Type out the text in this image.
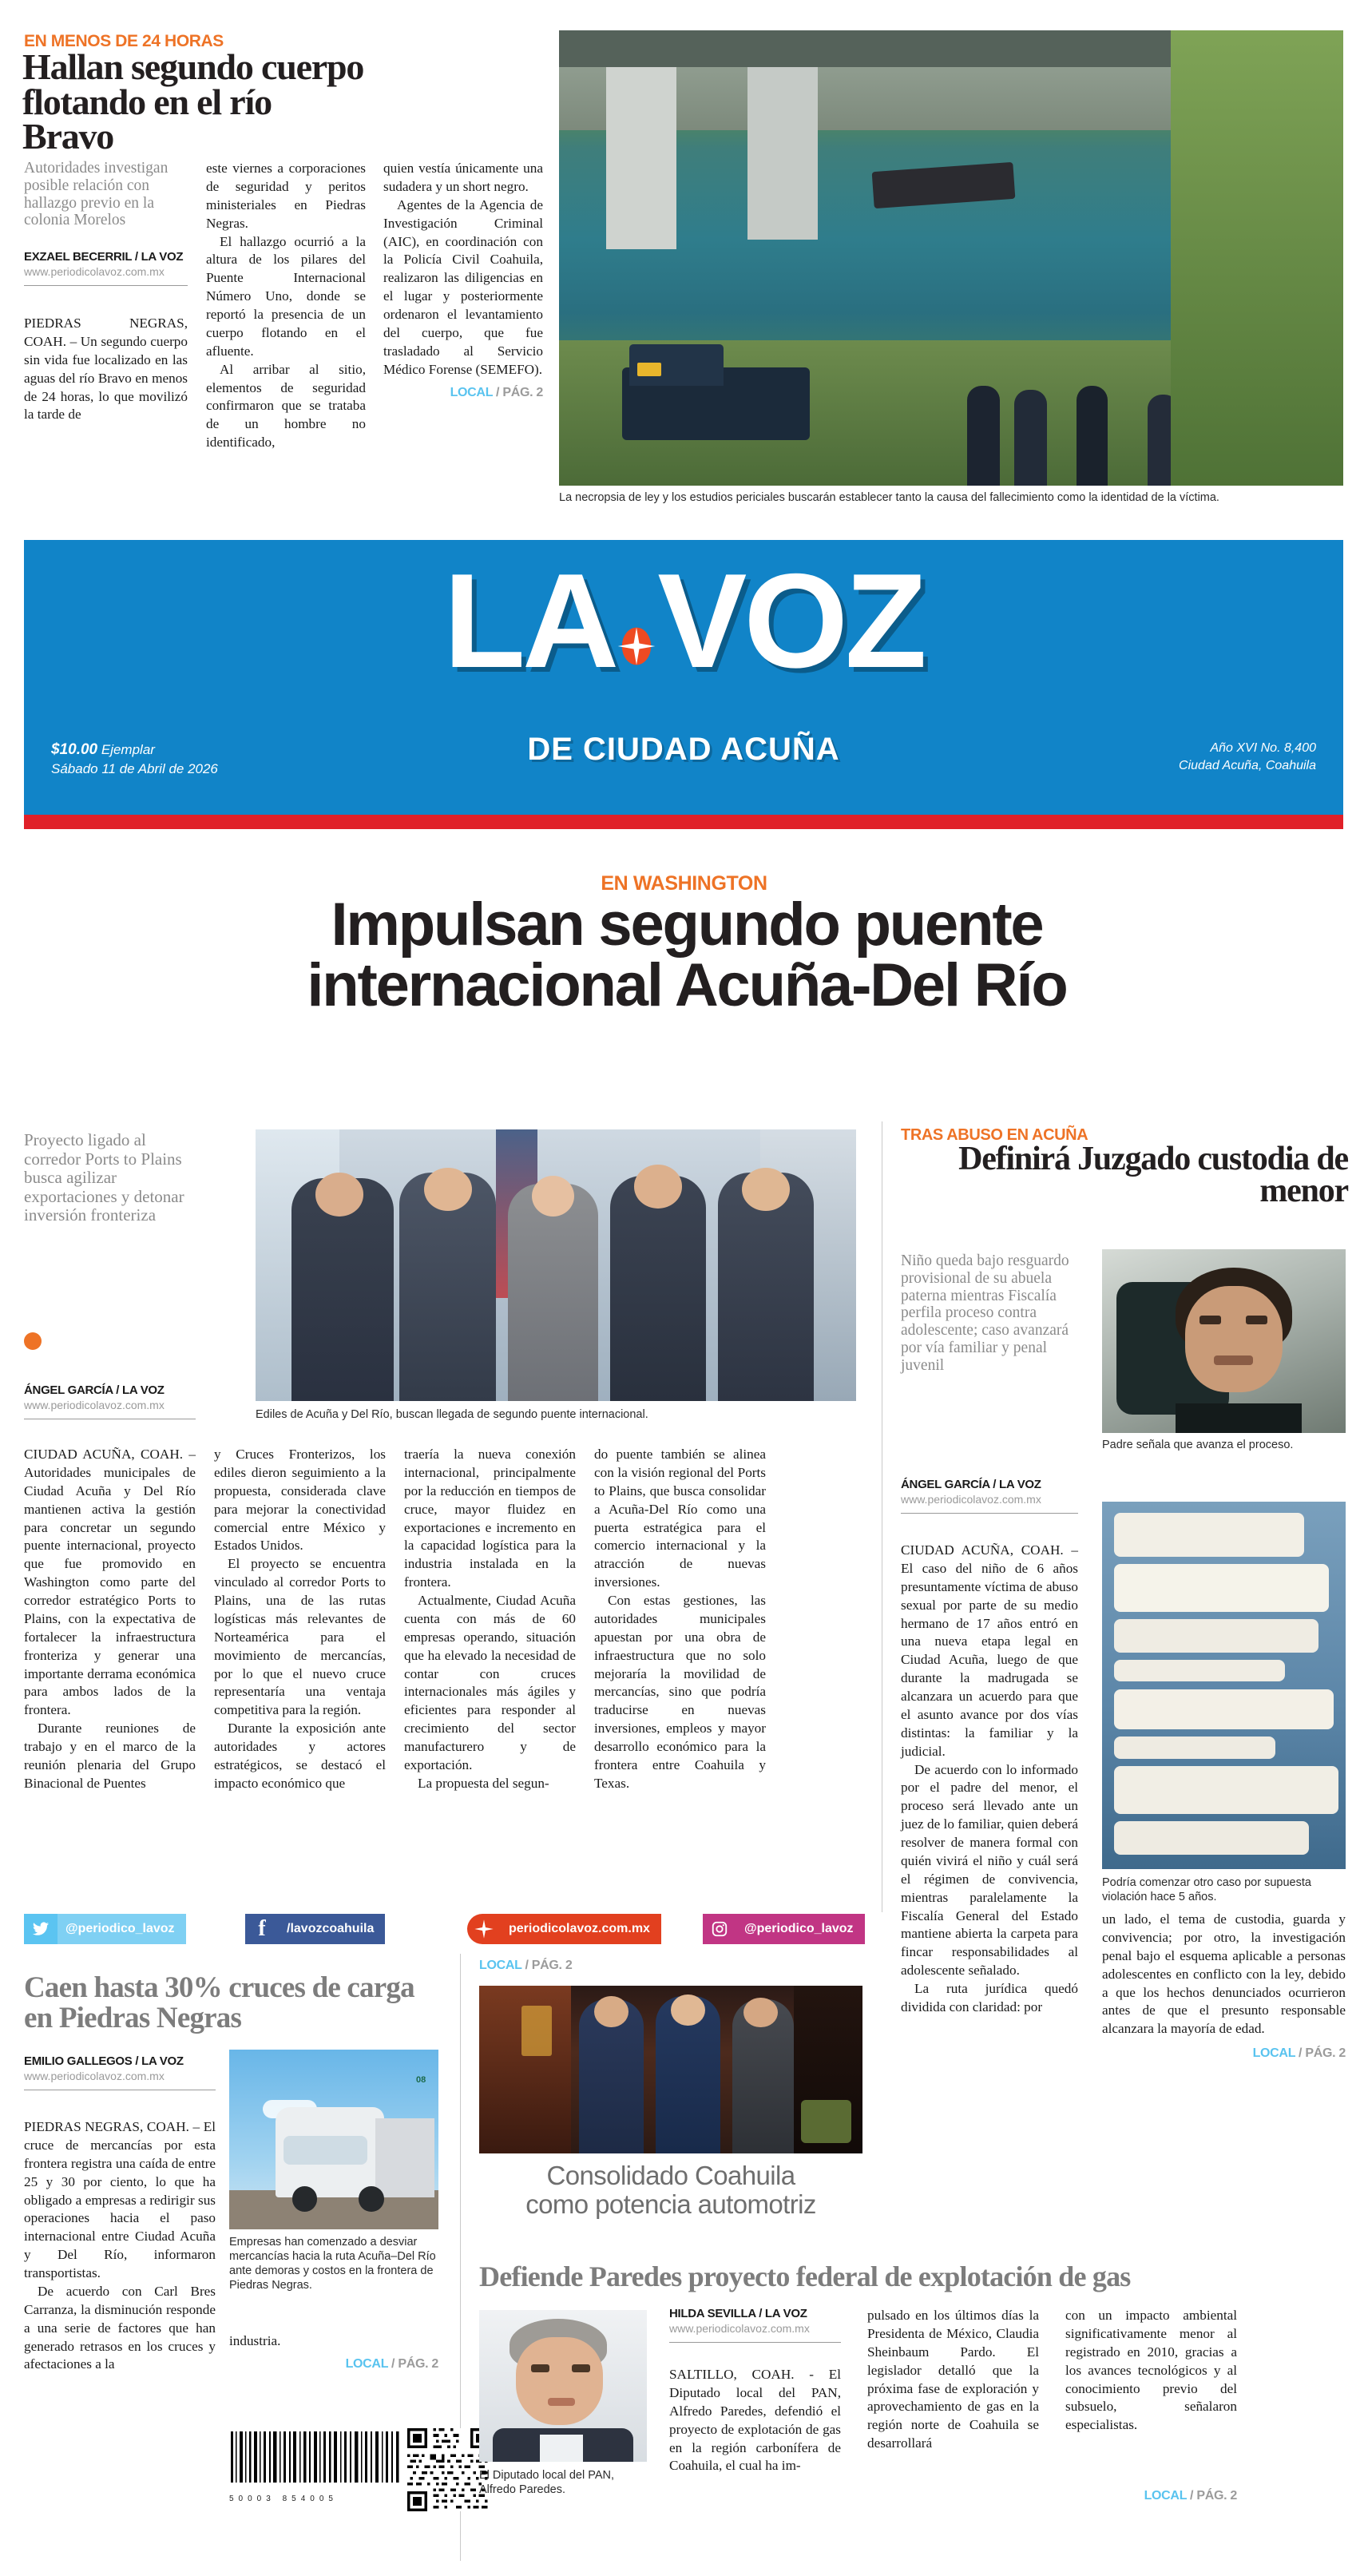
EN MENOS DE 24 HORAS
Hallan segundo cuerpo flotando en el río Bravo
Autoridades investigan posible relación con hallazgo previo en la colonia Morelos
EXZAEL BECERRIL / LA VOZ
www.periodicolavoz.com.mx

PIEDRAS NEGRAS, COAH. – Un segundo cuerpo sin vida fue localizado en las aguas del río Bravo en menos de 24 horas, lo que movilizó la tarde de

este viernes a corporaciones de seguridad y peritos ministeriales en Piedras Negras.

El hallazgo ocurrió a la altura de los pilares del Puente Internacional Número Uno, donde se reportó la presencia de un cuerpo flotando en el afluente.

Al arribar al sitio, elementos de seguridad confirmaron que se trataba de un hombre no identificado,

quien vestía únicamente una sudadera y un short negro.

Agentes de la Agencia de Investigación Criminal (AIC), en coordinación con la Policía Civil Coahuila, realizaron las diligencias en el lugar y posteriormente ordenaron el levantamiento del cuerpo, que fue trasladado al Servicio Médico Forense (SEMEFO).

LOCAL / PÁG. 2
La necropsia de ley y los estudios periciales buscarán establecer tanto la causa del fallecimiento como la identidad de la víctima.
LA VOZ
DE CIUDAD ACUÑA
$10.00 Ejemplar
Sábado 11 de Abril de 2026
Año XVI No. 8,400
Ciudad Acuña, Coahuila
EN WASHINGTON
Impulsan segundo puente
internacional Acuña-Del Río
Proyecto ligado al corredor Ports to Plains busca agilizar exportaciones y detonar inversión fronteriza
ÁNGEL GARCÍA / LA VOZ
www.periodicolavoz.com.mx
Ediles de Acuña y Del Río, buscan llegada de segundo puente internacional.

CIUDAD ACUÑA, COAH. – Autoridades municipales de Ciudad Acuña y Del Río mantienen activa la gestión para concretar un segundo puente internacional, proyecto que fue promovido en Washington como parte del corredor estratégico Ports to Plains, con la expectativa de fortalecer la infraestructura fronteriza y generar una importante derrama económica para ambos lados de la frontera.

Durante reuniones de trabajo y en el marco de la reunión plenaria del Grupo Binacional de Puentes

y Cruces Fronterizos, los ediles dieron seguimiento a la propuesta, considerada clave para mejorar la conectividad comercial entre México y Estados Unidos.

El proyecto se encuentra vinculado al corredor Ports to Plains, una de las rutas logísticas más relevantes de Norteamérica para el movimiento de mercancías, por lo que el nuevo cruce representaría una ventaja competitiva para la región.

Durante la exposición ante autoridades y actores estratégicos, se destacó el impacto económico que

traería la nueva conexión internacional, principalmente por la reducción en tiempos de cruce, mayor fluidez en exportaciones e incremento en la capacidad logística para la industria instalada en la frontera.

Actualmente, Ciudad Acuña cuenta con más de 60 empresas operando, situación que ha elevado la necesidad de contar con cruces internacionales más ágiles y eficientes para responder al crecimiento del sector manufacturero y de exportación.

La propuesta del segun-

do puente también se alinea con la visión regional del Ports to Plains, que busca consolidar a Acuña-Del Río como una puerta estratégica para el comercio internacional y la atracción de nuevas inversiones.

Con estas gestiones, las autoridades municipales apuestan por una obra de infraestructura que no solo mejoraría la movilidad de mercancías, sino que podría traducirse en nuevas inversiones, empleos y mayor desarrollo económico para la frontera entre Coahuila y Texas.

TRAS ABUSO EN ACUÑA
Definirá Juzgado custodia de menor
Niño queda bajo resguardo provisional de su abuela paterna mientras Fiscalía perfila proceso contra adolescente; caso avanzará por vía familiar y penal juvenil
Padre señala que avanza el proceso.
ÁNGEL GARCÍA / LA VOZ
www.periodicolavoz.com.mx

CIUDAD ACUÑA, COAH. – El caso del niño de 6 años presuntamente víctima de abuso sexual por parte de su medio hermano de 17 años entró en una nueva etapa legal en Ciudad Acuña, luego de que durante la madrugada se alcanzara un acuerdo para que el asunto avance por dos vías distintas: la familiar y la judicial.

De acuerdo con lo informado por el padre del menor, el proceso será llevado ante un juez de lo familiar, quien deberá resolver de manera formal con quién vivirá el niño y cuál será el régimen de convivencia, mientras paralelamente la Fiscalía General del Estado mantiene abierta la carpeta para fincar responsabilidades al adolescente señalado.

La ruta jurídica quedó dividida con claridad: por

Podría comenzar otro caso por supuesta violación hace 5 años.

un lado, el tema de custodia, guarda y convivencia; por otro, la investigación penal bajo el esquema aplicable a personas adolescentes en conflicto con la ley, debido a que los hechos denunciados ocurrieron antes de que el presunto responsable alcanzara la mayoría de edad.

LOCAL / PÁG. 2
@periodico_lavoz	f	/lavozcoahuila	periodicolavoz.com.mx	@periodico_lavoz
Caen hasta 30% cruces de carga en Piedras Negras
EMILIO GALLEGOS / LA VOZ
www.periodicolavoz.com.mx

PIEDRAS NEGRAS, COAH. – El cruce de mercancías por esta frontera registra una caída de entre 25 y 30 por ciento, lo que ha obligado a empresas a redirigir sus operaciones hacia el paso internacional entre Ciudad Acuña y Del Río, informaron transportistas.

De acuerdo con Carl Bres Carranza, la disminución responde a una serie de factores que han generado retrasos en los cruces y afectaciones a la

08
Empresas han comenzado a desviar mercancías hacia la ruta Acuña–Del Río ante demoras y costos en la frontera de Piedras Negras.

industria.

LOCAL / PÁG. 2
50003 854005
LOCAL / PÁG. 2
Consolidado Coahuila
como potencia automotriz
Defiende Paredes proyecto federal de explotación de gas
El Diputado local del PAN, Alfredo Paredes.
HILDA SEVILLA / LA VOZ
www.periodicolavoz.com.mx

SALTILLO, COAH. - El Diputado local del PAN, Alfredo Paredes, defendió el proyecto de explotación de gas en la región carbonífera de Coahuila, el cual ha im-

pulsado en los últimos días la Presidenta de México, Claudia Sheinbaum Pardo. El legislador detalló que la próxima fase de exploración y aprovechamiento de gas en la región norte de Coahuila se desarrollará

con un impacto ambiental significativamente menor al registrado en 2010, gracias a los avances tecnológicos y al conocimiento previo del subsuelo, señalaron especialistas.

LOCAL / PÁG. 2
